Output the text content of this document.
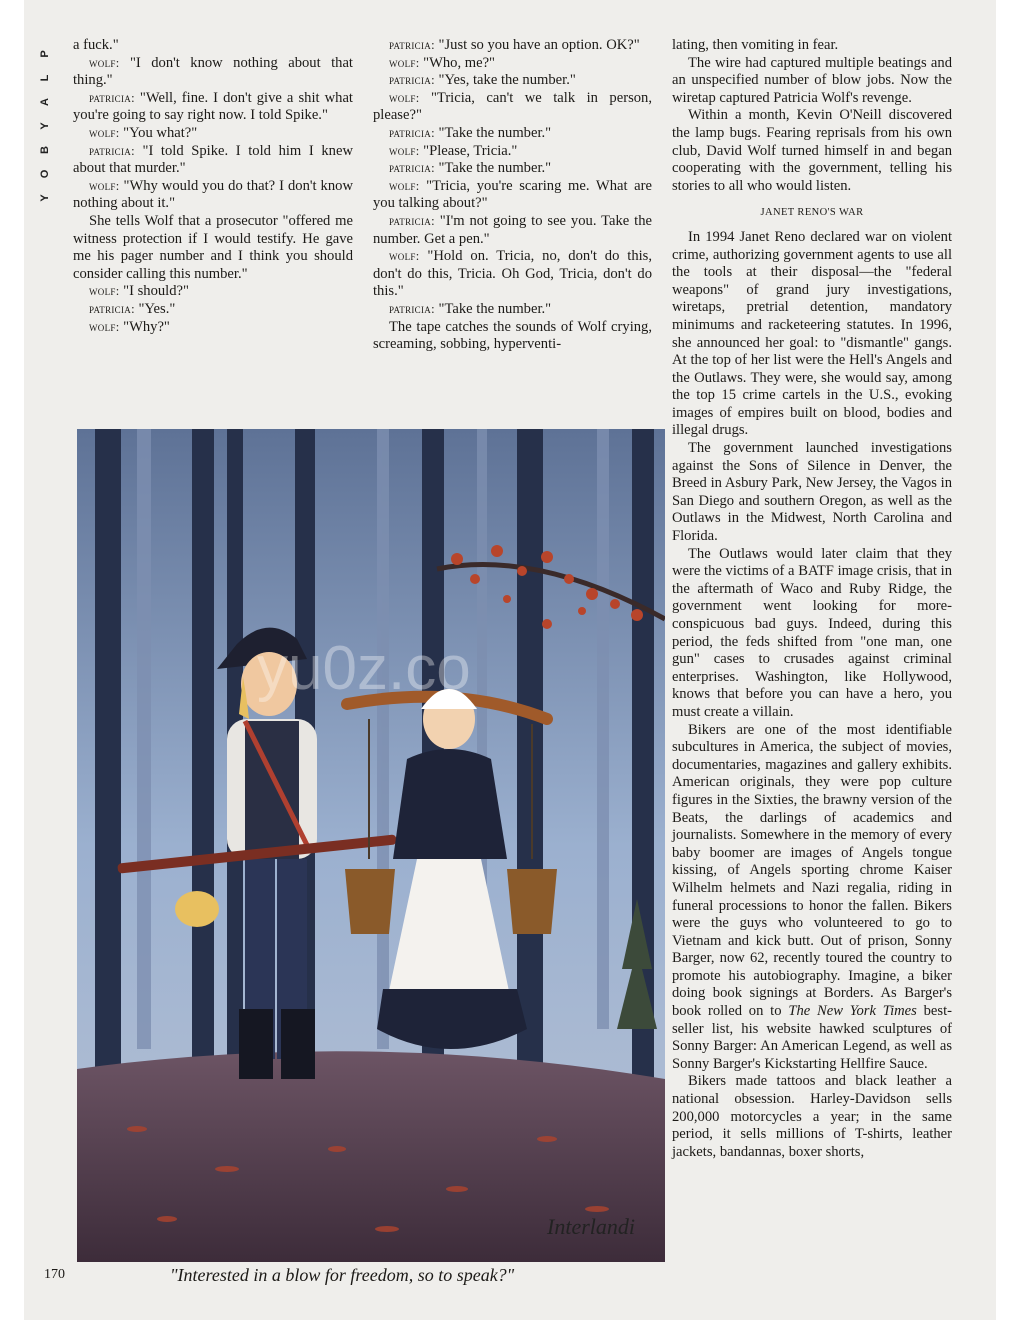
P
L
A
Y
B
O
Y

a fuck."

wolf: "I don't know nothing about that thing."

patricia: "Well, fine. I don't give a shit what you're going to say right now. I told Spike."

wolf: "You what?"

patricia: "I told Spike. I told him I knew about that murder."

wolf: "Why would you do that? I don't know nothing about it."

She tells Wolf that a prosecutor "offered me witness protection if I would testify. He gave me his pager number and I think you should consider calling this number."

wolf: "I should?"

patricia: "Yes."

wolf: "Why?"

patricia: "Just so you have an option. OK?"

wolf: "Who, me?"

patricia: "Yes, take the number."

wolf: "Tricia, can't we talk in person, please?"

patricia: "Take the number."

wolf: "Please, Tricia."

patricia: "Take the number."

wolf: "Tricia, you're scaring me. What are you talking about?"

patricia: "I'm not going to see you. Take the number. Get a pen."

wolf: "Hold on. Tricia, no, don't do this, don't do this, Tricia. Oh God, Tricia, don't do this."

patricia: "Take the number."

The tape catches the sounds of Wolf crying, screaming, sobbing, hyperventi-

lating, then vomiting in fear.

The wire had captured multiple beatings and an unspecified number of blow jobs. Now the wiretap captured Patricia Wolf's revenge.

Within a month, Kevin O'Neill discovered the lamp bugs. Fearing reprisals from his own club, David Wolf turned himself in and began cooperating with the government, telling his stories to all who would listen.

JANET RENO'S WAR

In 1994 Janet Reno declared war on violent crime, authorizing government agents to use all the tools at their disposal—the "federal weapons" of grand jury investigations, wiretaps, pretrial detention, mandatory minimums and racketeering statutes. In 1996, she announced her goal: to "dismantle" gangs. At the top of her list were the Hell's Angels and the Outlaws. They were, she would say, among the top 15 crime cartels in the U.S., evoking images of empires built on blood, bodies and illegal drugs.

The government launched investigations against the Sons of Silence in Denver, the Breed in Asbury Park, New Jersey, the Vagos in San Diego and southern Oregon, as well as the Outlaws in the Midwest, North Carolina and Florida.

The Outlaws would later claim that they were the victims of a BATF image crisis, that in the aftermath of Waco and Ruby Ridge, the government went looking for more-conspicuous bad guys. Indeed, during this period, the feds shifted from "one man, one gun" cases to crusades against criminal enterprises. Washington, like Hollywood, knows that before you can have a hero, you must create a villain.

Bikers are one of the most identifiable subcultures in America, the subject of movies, documentaries, magazines and gallery exhibits. American originals, they were pop culture figures in the Sixties, the brawny version of the Beats, the darlings of academics and journalists. Somewhere in the memory of every baby boomer are images of Angels tongue kissing, of Angels sporting chrome Kaiser Wilhelm helmets and Nazi regalia, riding in funeral processions to honor the fallen. Bikers were the guys who volunteered to go to Vietnam and kick butt. Out of prison, Sonny Barger, now 62, recently toured the country to promote his autobiography. Imagine, a biker doing book signings at Borders. As Barger's book rolled on to The New York Times best-seller list, his website hawked sculptures of Sonny Barger: An American Legend, as well as Sonny Barger's Kickstarting Hellfire Sauce.

Bikers made tattoos and black leather a national obsession. Harley-Davidson sells 200,000 motorcycles a year; in the same period, it sells millions of T-shirts, leather jackets, bandannas, boxer shorts,

Interlandi
yu0z.co
170	"Interested in a blow for freedom, so to speak?"
